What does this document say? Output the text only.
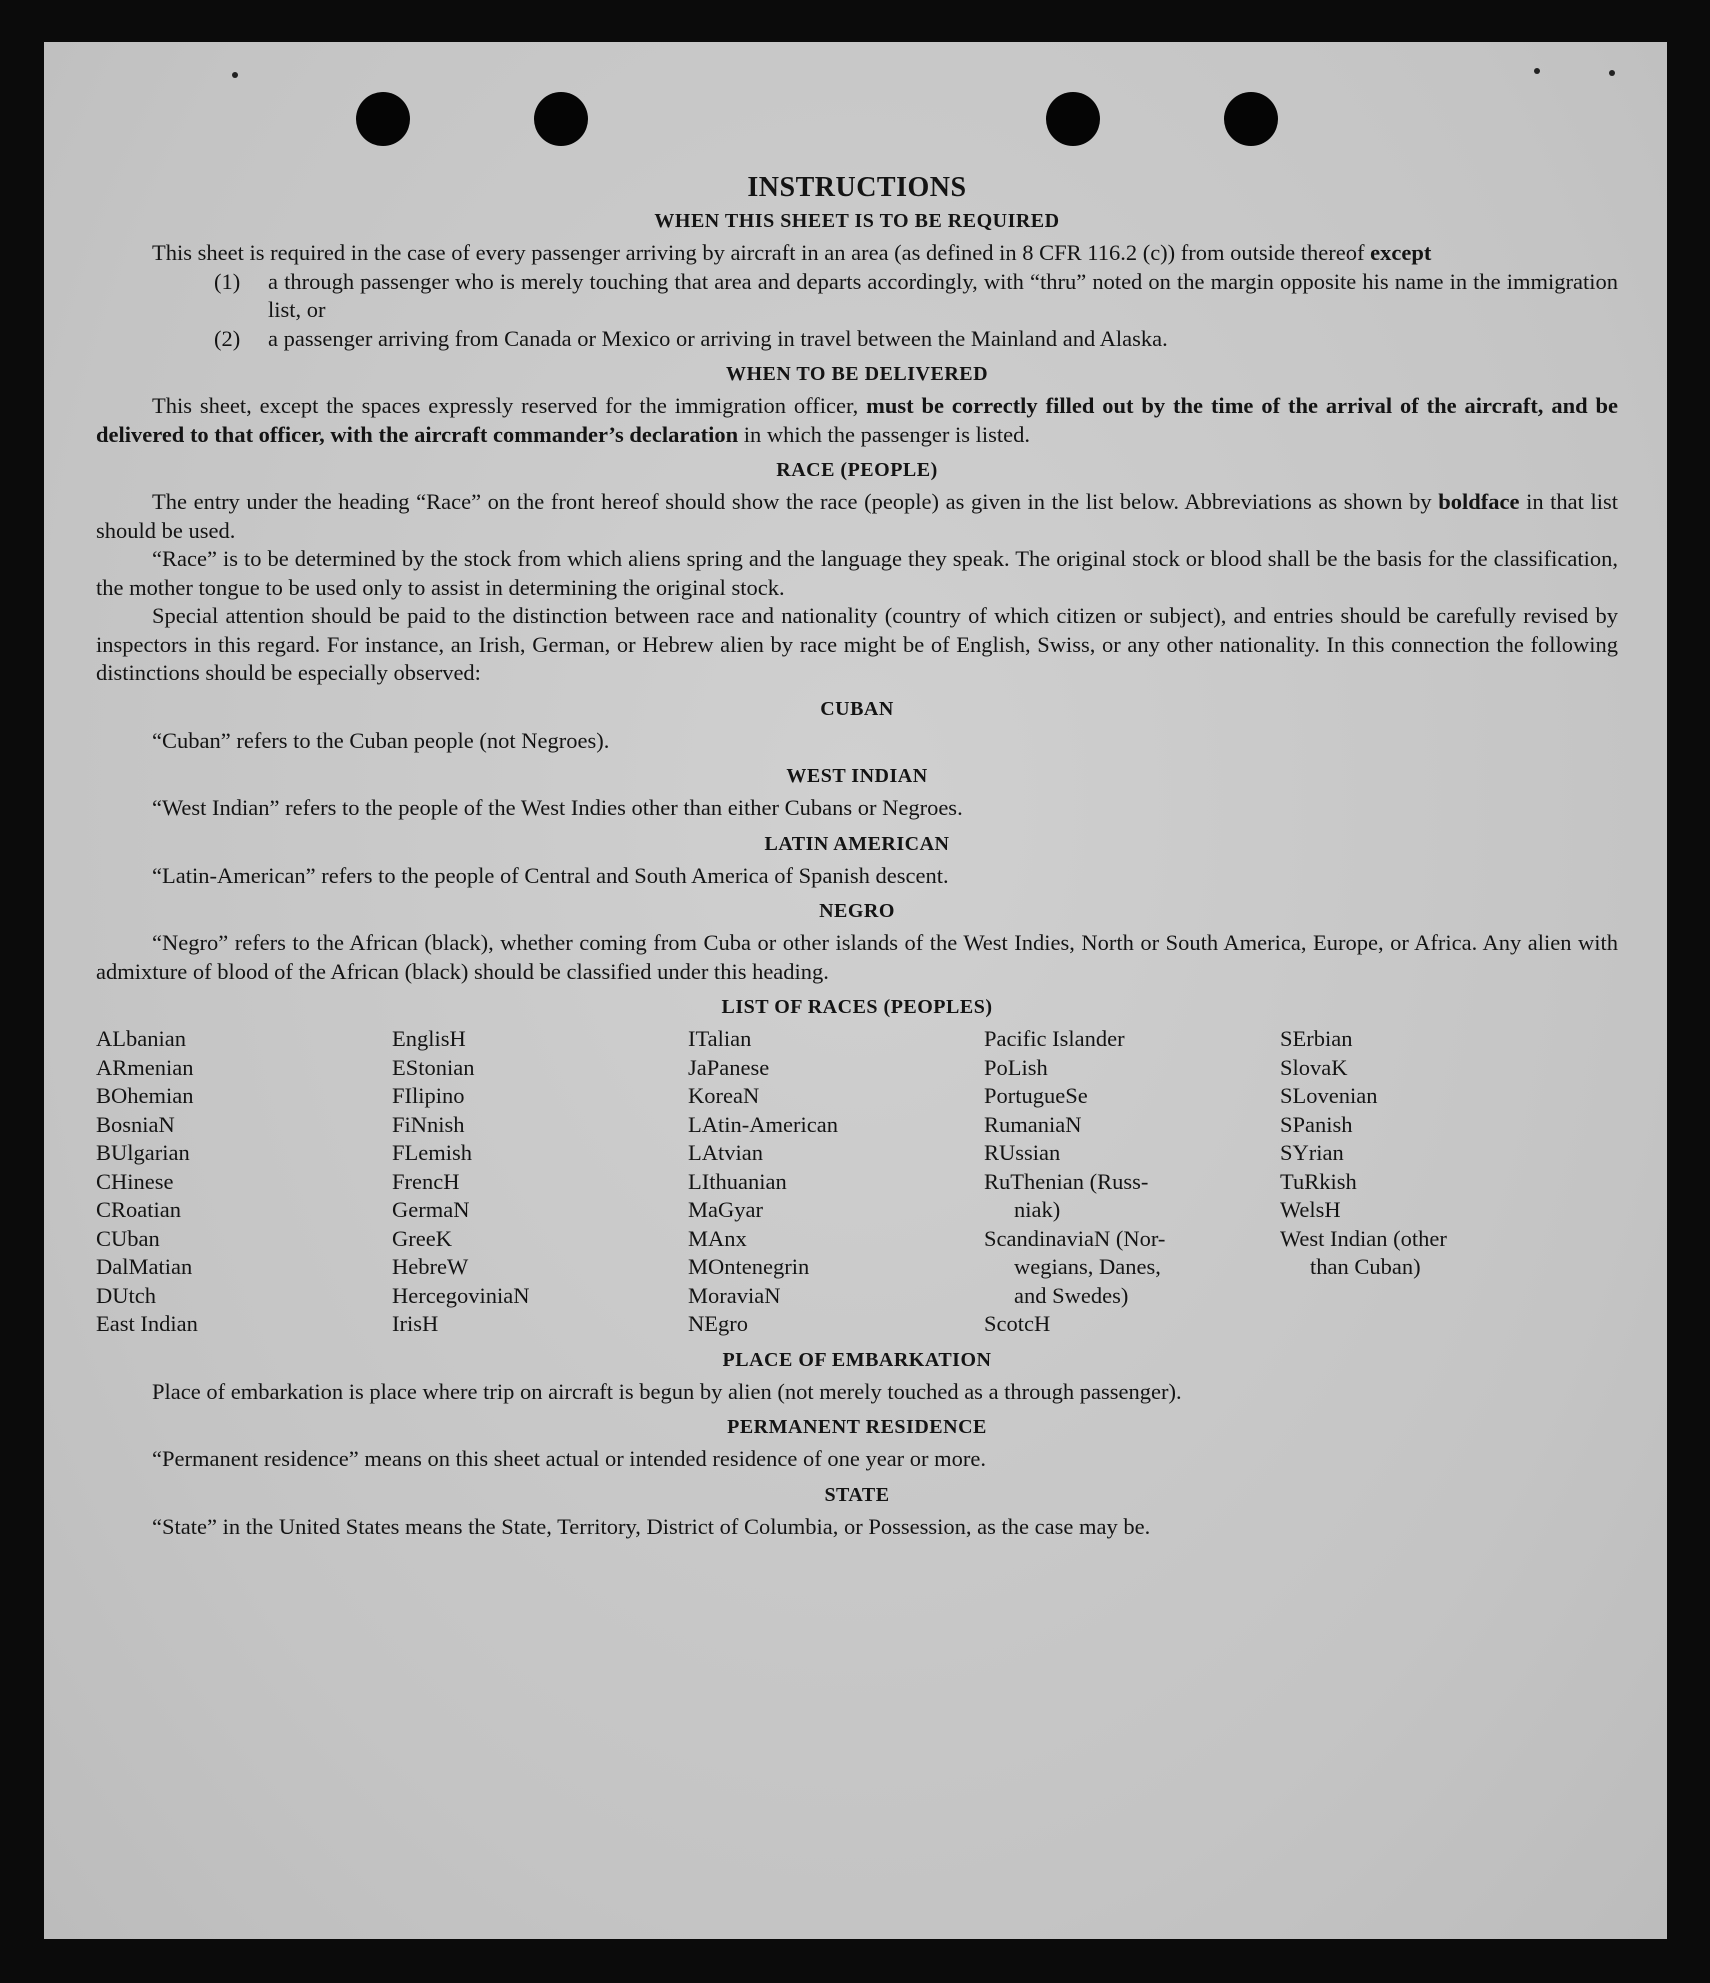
INSTRUCTIONS
WHEN THIS SHEET IS TO BE REQUIRED

This sheet is required in the case of every passenger arriving by aircraft in an area (as defined in 8 CFR 116.2 (c)) from outside thereof except

(1)	a through passenger who is merely touching that area and departs accordingly, with “thru” noted on the margin opposite his name in the immigration list, or
(2)	a passenger arriving from Canada or Mexico or arriving in travel between the Mainland and Alaska.
WHEN TO BE DELIVERED

This sheet, except the spaces expressly reserved for the immigration officer, must be correctly filled out by the time of the arrival of the aircraft, and be delivered to that officer, with the aircraft commander’s declaration in which the passenger is listed.

RACE (PEOPLE)

The entry under the heading “Race” on the front hereof should show the race (people) as given in the list below. Abbreviations as shown by boldface in that list should be used.

“Race” is to be determined by the stock from which aliens spring and the language they speak. The original stock or blood shall be the basis for the classification, the mother tongue to be used only to assist in determining the original stock.

Special attention should be paid to the distinction between race and nationality (country of which citizen or subject), and entries should be carefully revised by inspectors in this regard. For instance, an Irish, German, or Hebrew alien by race might be of English, Swiss, or any other nationality. In this connection the following distinctions should be especially observed:

CUBAN

“Cuban” refers to the Cuban people (not Negroes).

WEST INDIAN

“West Indian” refers to the people of the West Indies other than either Cubans or Negroes.

LATIN AMERICAN

“Latin-American” refers to the people of Central and South America of Spanish descent.

NEGRO

“Negro” refers to the African (black), whether coming from Cuba or other islands of the West Indies, North or South America, Europe, or Africa. Any alien with admixture of blood of the African (black) should be classified under this heading.

LIST OF RACES (PEOPLES)
ALbanian
ARmenian
BOhemian
BosniaN
BUlgarian
CHinese
CRoatian
CUban
DalMatian
DUtch
East Indian
EnglisH
EStonian
FIlipino
FiNnish
FLemish
FrencH
GermaN
GreeK
HebreW
HercegoviniaN
IrisH
ITalian
JaPanese
KoreaN
LAtin-American
LAtvian
LIthuanian
MaGyar
MAnx
MOntenegrin
MoraviaN
NEgro
Pacific Islander
PoLish
PortugueSe
RumaniaN
RUssian
RuThenian (Russ-
niak)
ScandinaviaN (Nor-
wegians, Danes,
and Swedes)
ScotcH
SErbian
SlovaK
SLovenian
SPanish
SYrian
TuRkish
WelsH
West Indian (other
than Cuban)
PLACE OF EMBARKATION

Place of embarkation is place where trip on aircraft is begun by alien (not merely touched as a through passenger).

PERMANENT RESIDENCE

“Permanent residence” means on this sheet actual or intended residence of one year or more.

STATE

“State” in the United States means the State, Territory, District of Columbia, or Possession, as the case may be.
